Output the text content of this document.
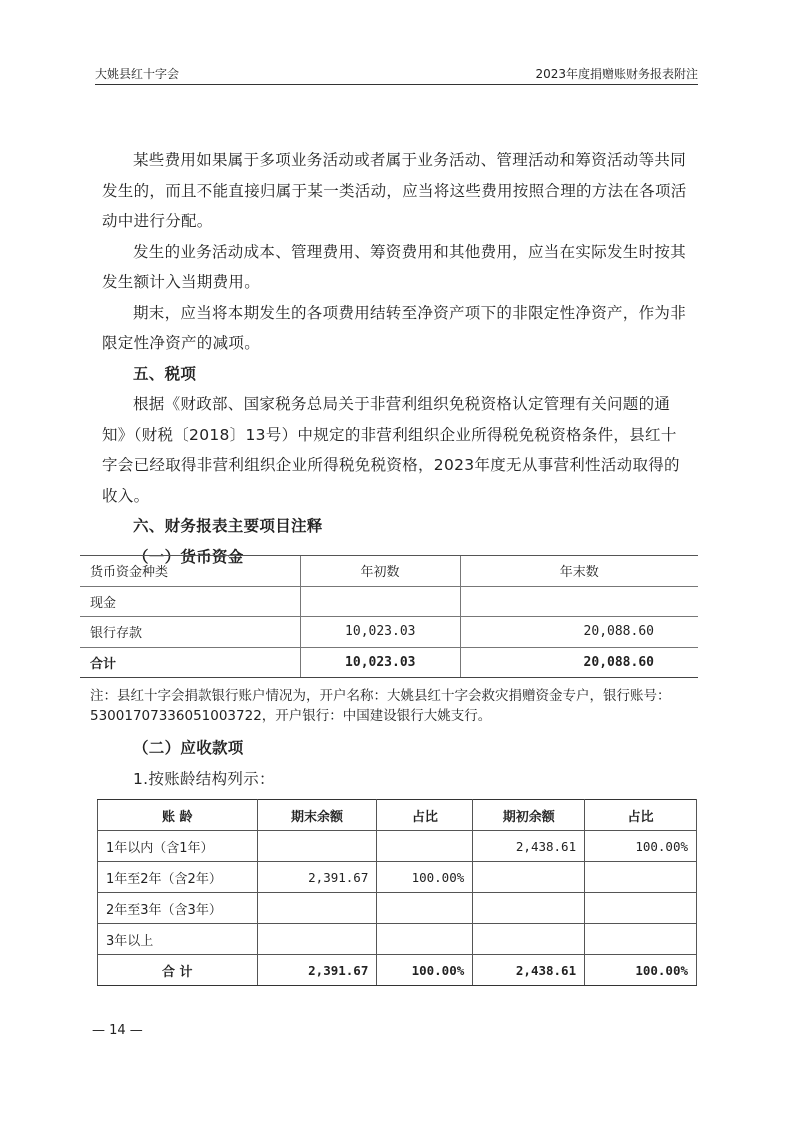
大姚县红十字会	2023年度捐赠账财务报表附注

某些费用如果属于多项业务活动或者属于业务活动、管理活动和筹资活动等共同发生的，而且不能直接归属于某一类活动，应当将这些费用按照合理的方法在各项活动中进行分配。

发生的业务活动成本、管理费用、筹资费用和其他费用，应当在实际发生时按其发生额计入当期费用。

期末，应当将本期发生的各项费用结转至净资产项下的非限定性净资产，作为非限定性净资产的减项。

五、税项

根据《财政部、国家税务总局关于非营利组织免税资格认定管理有关问题的通知》（财税〔2018〕13号）中规定的非营利组织企业所得税免税资格条件，县红十字会已经取得非营利组织企业所得税免税资格，2023年度无从事营利性活动取得的收入。

六、财务报表主要项目注释

（一）货币资金

货币资金种类	年初数	年末数
现金		
银行存款	10,023.03	20,088.60
合计	10,023.03	20,088.60
注：县红十字会捐款银行账户情况为，开户名称：大姚县红十字会救灾捐赠资金专户，银行账号：53001707336051003722，开户银行：中国建设银行大姚支行。

（二）应收款项

1.按账龄结构列示：

账 龄	期末余额	占比	期初余额	占比
1年以内（含1年）			2,438.61	100.00%
1年至2年（含2年）	2,391.67	100.00%		
2年至3年（含3年）				
3年以上				
合 计	2,391.67	100.00%	2,438.61	100.00%
— 14 —
